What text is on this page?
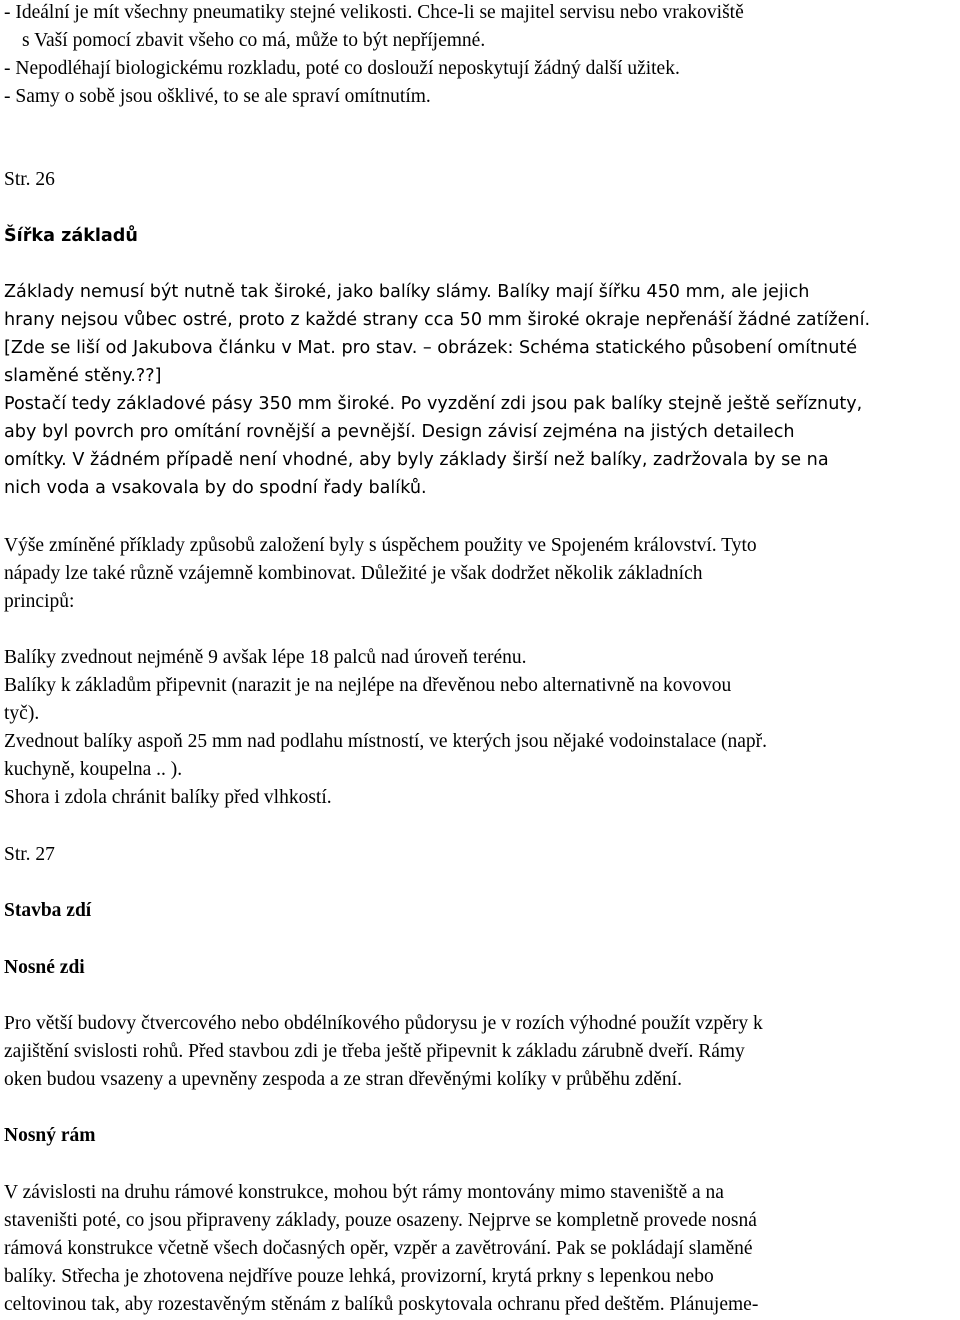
- Ideální je mít všechny pneumatiky stejné velikosti. Chce-li se majitel servisu nebo vrakoviště
s Vaší pomocí zbavit všeho co má, může to být nepříjemné.
- Nepodléhají biologickému rozkladu, poté co doslouží neposkytují žádný další užitek.
- Samy o sobě jsou ošklivé, to se ale spraví omítnutím.
Str. 26
Šířka základů
Základy nemusí být nutně tak široké, jako balíky slámy. Balíky mají šířku 450 mm, ale jejich
hrany nejsou vůbec ostré, proto z každé strany cca 50 mm široké okraje nepřenáší žádné zatížení.
[Zde se liší od Jakubova článku v Mat. pro stav. – obrázek: Schéma statického působení omítnuté
slaměné stěny.??]
Postačí tedy základové pásy 350 mm široké. Po vyzdění zdi jsou pak balíky stejně ještě seříznuty,
aby byl povrch pro omítání rovnější a pevnější. Design závisí zejména na jistých detailech
omítky. V žádném případě není vhodné, aby byly základy širší než balíky, zadržovala by se na
nich voda a vsakovala by do spodní řady balíků.
Výše zmíněné příklady způsobů založení byly s úspěchem použity ve Spojeném království. Tyto
nápady lze také různě vzájemně kombinovat. Důležité je však dodržet několik základních
principů:
Balíky zvednout nejméně 9 avšak lépe 18 palců nad úroveň terénu.
Balíky k základům připevnit (narazit je na nejlépe na dřevěnou nebo alternativně na kovovou
tyč).
Zvednout balíky aspoň 25 mm nad podlahu místností, ve kterých jsou nějaké vodoinstalace (např.
kuchyně, koupelna .. ).
Shora i zdola chránit balíky před vlhkostí.
Str. 27
Stavba zdí
Nosné zdi
Pro větší budovy čtvercového nebo obdélníkového půdorysu je v rozích výhodné použít vzpěry k
zajištění svislosti rohů. Před stavbou zdi je třeba ještě připevnit k základu zárubně dveří. Rámy
oken budou vsazeny a upevněny zespoda a ze stran dřevěnými kolíky v průběhu zdění.
Nosný rám
V závislosti na druhu rámové konstrukce, mohou být rámy montovány mimo staveniště a na
staveništi poté, co jsou připraveny základy, pouze osazeny. Nejprve se kompletně provede nosná
rámová konstrukce včetně všech dočasných opěr, vzpěr a zavětrování. Pak se pokládají slaměné
balíky. Střecha je zhotovena nejdříve pouze lehká, provizorní, krytá prkny s lepenkou nebo
celtovinou tak, aby rozestavěným stěnám z balíků poskytovala ochranu před deštěm. Plánujeme-
